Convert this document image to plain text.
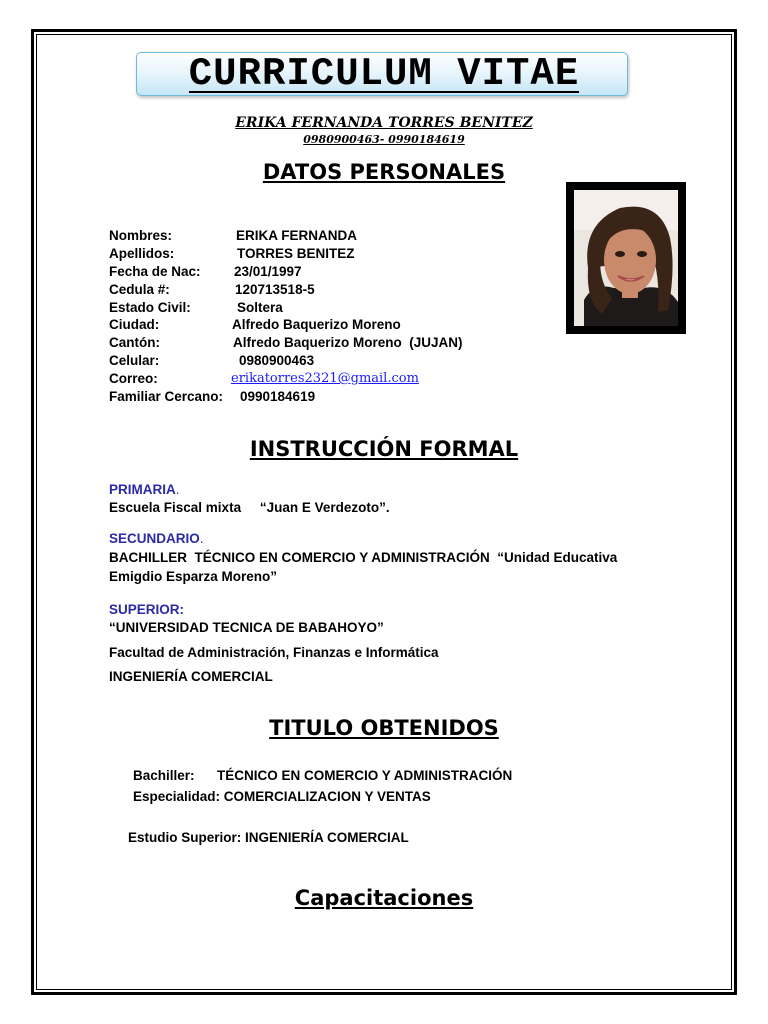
CURRICULUM VITAE
ERIKA FERNANDA TORRES BENITEZ
0980900463- 0990184619
DATOS PERSONALES
Nombres:	ERIKA FERNANDA
Apellidos:	TORRES BENITEZ
Fecha de Nac: 23/01/1997
Cedula #:	120713518-5
Estado Civil:	Soltera
Ciudad:	Alfredo Baquerizo Moreno
Cantón:	Alfredo Baquerizo Moreno  (JUJAN)
Celular:	0980900463
Correo:	erikatorres2321@gmail.com
Familiar Cercano: 0990184619
INSTRUCCIÓN FORMAL
PRIMARIA.
Escuela Fiscal mixta     “Juan E Verdezoto”.
SECUNDARIO.
BACHILLER  TÉCNICO EN COMERCIO Y ADMINISTRACIÓN  “Unidad Educativa Emigdio Esparza Moreno”
SUPERIOR:
“UNIVERSIDAD TECNICA DE BABAHOYO”
Facultad de Administración, Finanzas e Informática
INGENIERÍA COMERCIAL
TITULO OBTENIDOS
Bachiller: TÉCNICO EN COMERCIO Y ADMINISTRACIÓN
Especialidad: COMERCIALIZACION Y VENTAS
Estudio Superior: INGENIERÍA COMERCIAL
Capacitaciones
